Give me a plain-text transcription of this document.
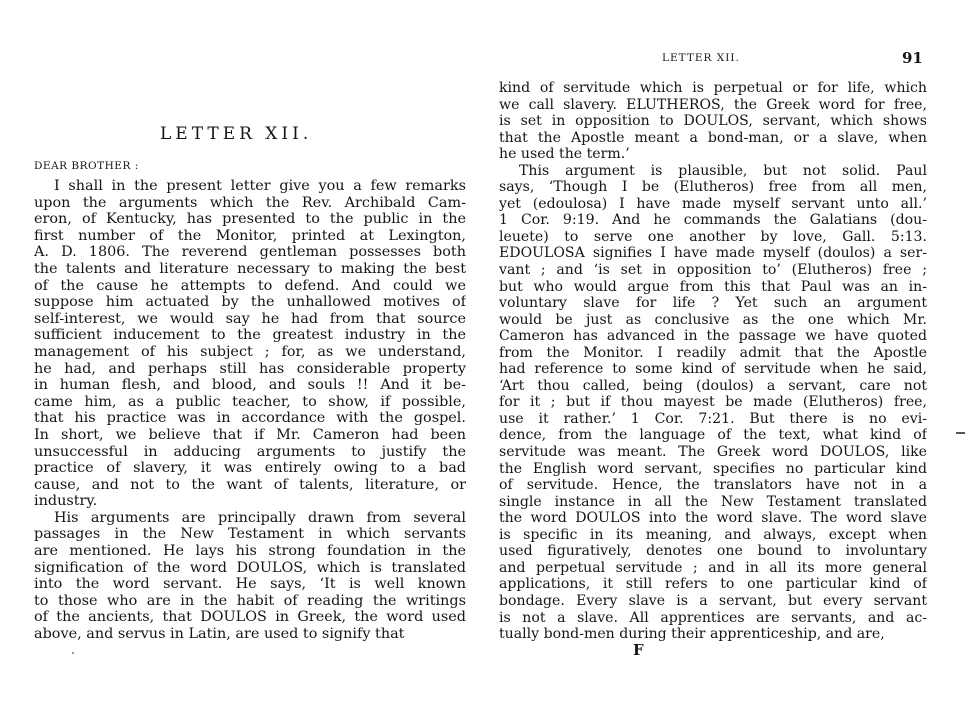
LETTER XII.
DEAR BROTHER :
I shall in the present letter give you a few remarks
upon the arguments which the Rev. Archibald Cam-
eron, of Kentucky, has presented to the public in the
first number of the Monitor, printed at Lexington,
A. D. 1806. The reverend gentleman possesses both
the talents and literature necessary to making the best
of the cause he attempts to defend. And could we
suppose him actuated by the unhallowed motives of
self-interest, we would say he had from that source
sufficient inducement to the greatest industry in the
management of his subject ; for, as we understand,
he had, and perhaps still has considerable property
in human flesh, and blood, and souls !! And it be-
came him, as a public teacher, to show, if possible,
that his practice was in accordance with the gospel.
In short, we believe that if Mr. Cameron had been
unsuccessful in adducing arguments to justify the
practice of slavery, it was entirely owing to a bad
cause, and not to the want of talents, literature, or
industry.
His arguments are principally drawn from several
passages in the New Testament in which servants
are mentioned. He lays his strong foundation in the
signification of the word DOULOS, which is translated
into the word servant. He says, ‘It is well known
to those who are in the habit of reading the writings
of the ancients, that DOULOS in Greek, the word used
above, and servus in Latin, are used to signify that
LETTER XII.	91
kind of servitude which is perpetual or for life, which
we call slavery. ELUTHEROS, the Greek word for free,
is set in opposition to DOULOS, servant, which shows
that the Apostle meant a bond-man, or a slave, when
he used the term.’
This argument is plausible, but not solid. Paul
says, ‘Though I be (Elutheros) free from all men,
yet (edoulosa) I have made myself servant unto all.’
1 Cor. 9:19. And he commands the Galatians (dou-
leuete) to serve one another by love, Gall. 5:13.
EDOULOSA signifies I have made myself (doulos) a ser-
vant ; and ‘is set in opposition to’ (Elutheros) free ;
but who would argue from this that Paul was an in-
voluntary slave for life ? Yet such an argument
would be just as conclusive as the one which Mr.
Cameron has advanced in the passage we have quoted
from the Monitor. I readily admit that the Apostle
had reference to some kind of servitude when he said,
‘Art thou called, being (doulos) a servant, care not
for it ; but if thou mayest be made (Elutheros) free,
use it rather.’ 1 Cor. 7:21. But there is no evi-
dence, from the language of the text, what kind of
servitude was meant. The Greek word DOULOS, like
the English word servant, specifies no particular kind
of servitude. Hence, the translators have not in a
single instance in all the New Testament translated
the word DOULOS into the word slave. The word slave
is specific in its meaning, and always, except when
used figuratively, denotes one bound to involuntary
and perpetual servitude ; and in all its more general
applications, it still refers to one particular kind of
bondage. Every slave is a servant, but every servant
is not a slave. All apprentices are servants, and ac-
tually bond-men during their apprenticeship, and are,
F
